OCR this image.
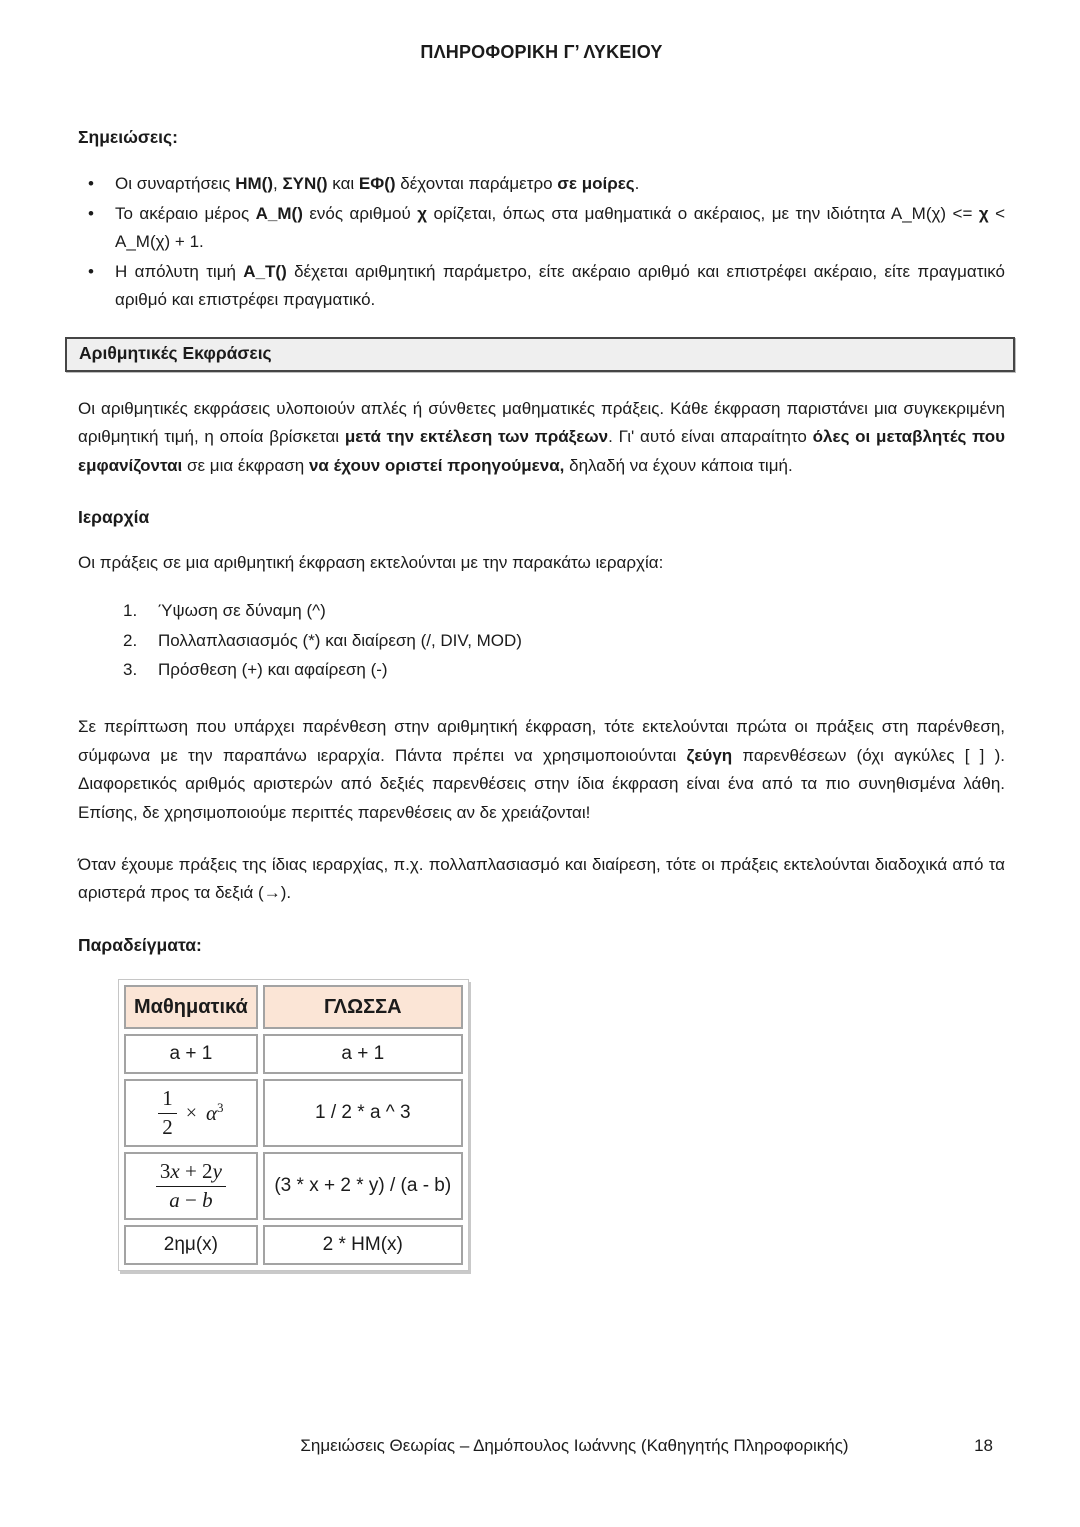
ΠΛΗΡΟΦΟΡΙΚΗ Γ’ ΛΥΚΕΙΟΥ
Σημειώσεις:
• Οι συναρτήσεις ΗΜ(), ΣΥΝ() και ΕΦ() δέχονται παράμετρο σε μοίρες.
• Το ακέραιο μέρος Α_Μ() ενός αριθμού χ ορίζεται, όπως στα μαθηματικά ο ακέραιος, με την ιδιότητα Α_Μ(χ) <= χ < Α_Μ(χ) + 1.
• Η απόλυτη τιμή Α_Τ() δέχεται αριθμητική παράμετρο, είτε ακέραιο αριθμό και επιστρέφει ακέραιο, είτε πραγματικό αριθμό και επιστρέφει πραγματικό.
Αριθμητικές Εκφράσεις

Οι αριθμητικές εκφράσεις υλοποιούν απλές ή σύνθετες μαθηματικές πράξεις. Κάθε έκφραση παριστάνει μια συγκεκριμένη αριθμητική τιμή, η οποία βρίσκεται μετά την εκτέλεση των πράξεων. Γι' αυτό είναι απαραίτητο όλες οι μεταβλητές που εμφανίζονται σε μια έκφραση να έχουν οριστεί προηγούμενα, δηλαδή να έχουν κάποια τιμή.

Ιεραρχία

Οι πράξεις σε μια αριθμητική έκφραση εκτελούνται με την παρακάτω ιεραρχία:

1.	Ύψωση σε δύναμη (^)
2.	Πολλαπλασιασμός (*) και διαίρεση (/, DIV, MOD)
3.	Πρόσθεση (+) και αφαίρεση (-)

Σε περίπτωση που υπάρχει παρένθεση στην αριθμητική έκφραση, τότε εκτελούνται πρώτα οι πράξεις στη παρένθεση, σύμφωνα με την παραπάνω ιεραρχία. Πάντα πρέπει να χρησιμοποιούνται ζεύγη παρενθέσεων (όχι αγκύλες [ ] ). Διαφορετικός αριθμός αριστερών από δεξιές παρενθέσεις στην ίδια έκφραση είναι ένα από τα πιο συνηθισμένα λάθη. Επίσης, δε χρησιμοποιούμε περιττές παρενθέσεις αν δε χρειάζονται!

Όταν έχουμε πράξεις της ίδιας ιεραρχίας, π.χ. πολλαπλασιασμό και διαίρεση, τότε οι πράξεις εκτελούνται διαδοχικά από τα αριστερά προς τα δεξιά (→).

Παραδείγματα:
Μαθηματικά	ΓΛΩΣΣΑ
a + 1	a + 1

$\frac{1}{2} \times \alpha^3$	1 / 2 * a ^ 3

$\frac{3x + 2y}{a - b}$	(3 * x + 2 * y) / (a - b)
2ημ(x)	2 * HM(x)
Σημειώσεις Θεωρίας – Δημόπουλος Ιωάννης (Καθηγητής Πληροφορικής)	18
